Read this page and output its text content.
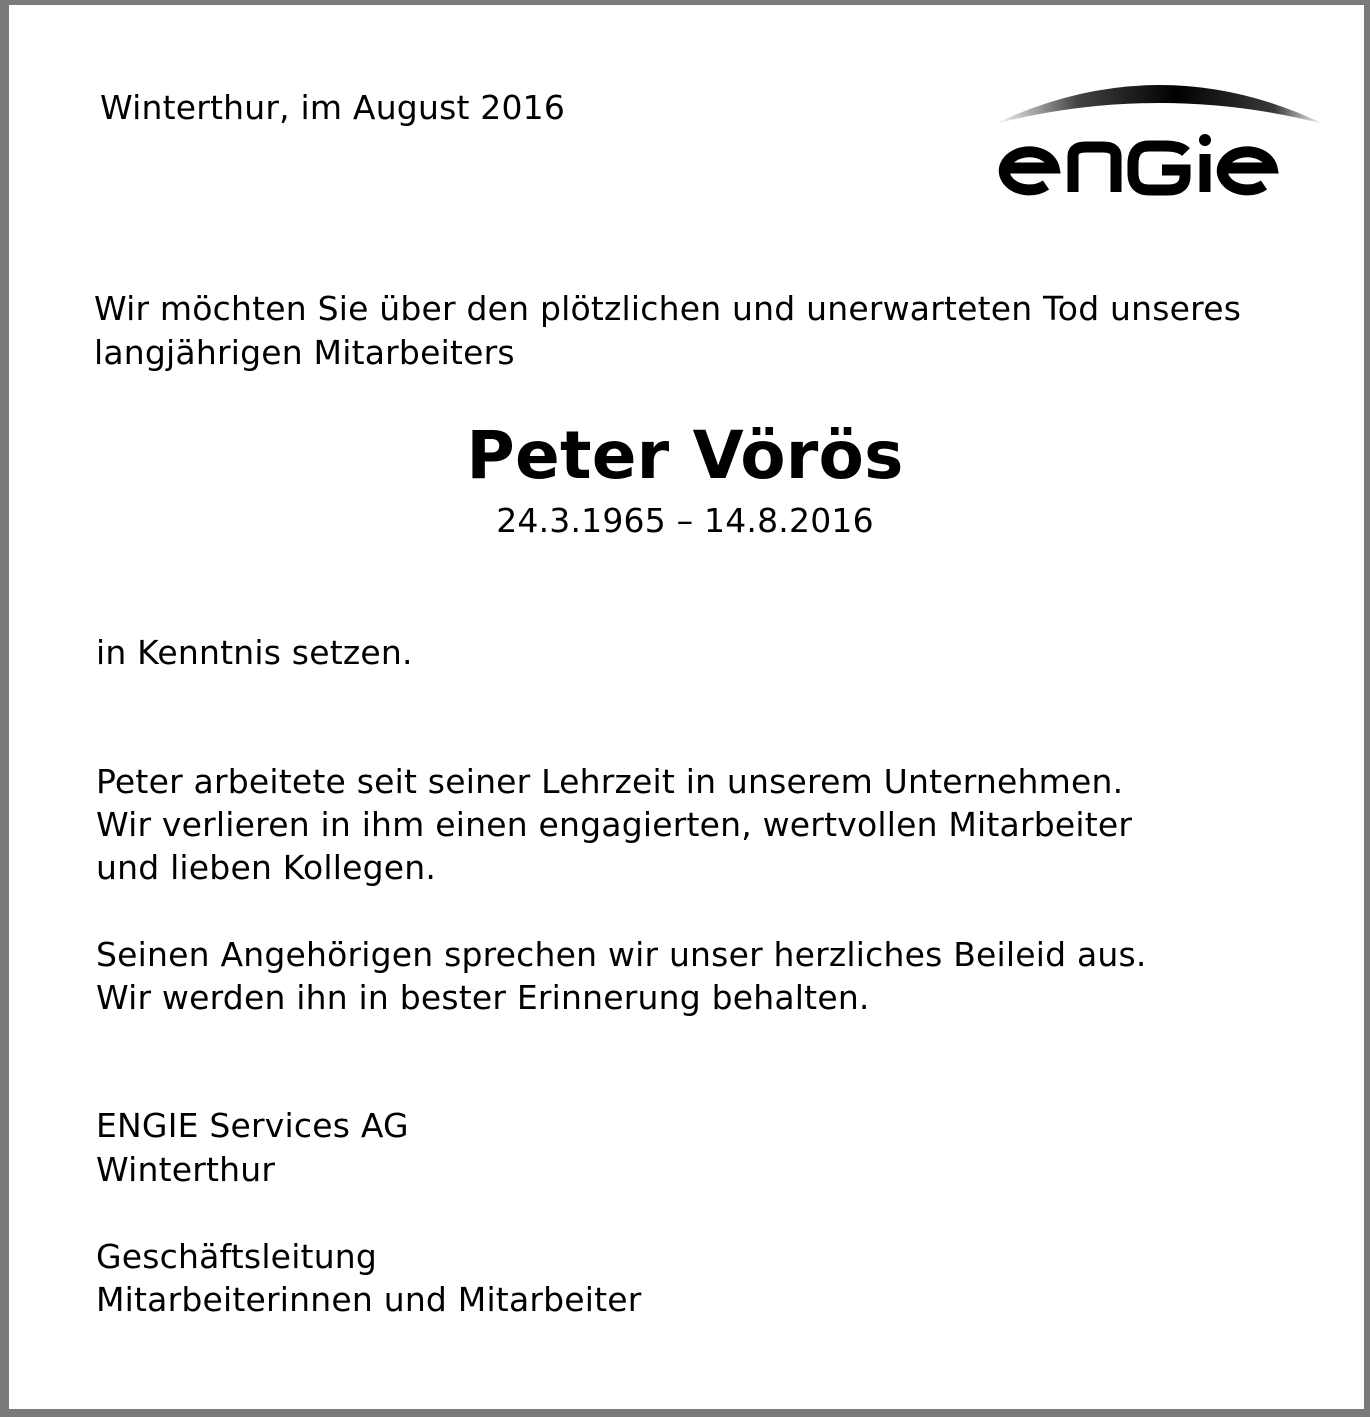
Winterthur, im August 2016

Wir möchten Sie über den plötzlichen und unerwarteten Tod unseres

langjährigen Mitarbeiters

Peter Vörös

24.3.1965 – 14.8.2016

in Kenntnis setzen.

Peter arbeitete seit seiner Lehrzeit in unserem Unternehmen.

Wir verlieren in ihm einen engagierten, wertvollen Mitarbeiter

und lieben Kollegen.

Seinen Angehörigen sprechen wir unser herzliches Beileid aus.

Wir werden ihn in bester Erinnerung behalten.

ENGIE Services AG

Winterthur

Geschäftsleitung

Mitarbeiterinnen und Mitarbeiter
